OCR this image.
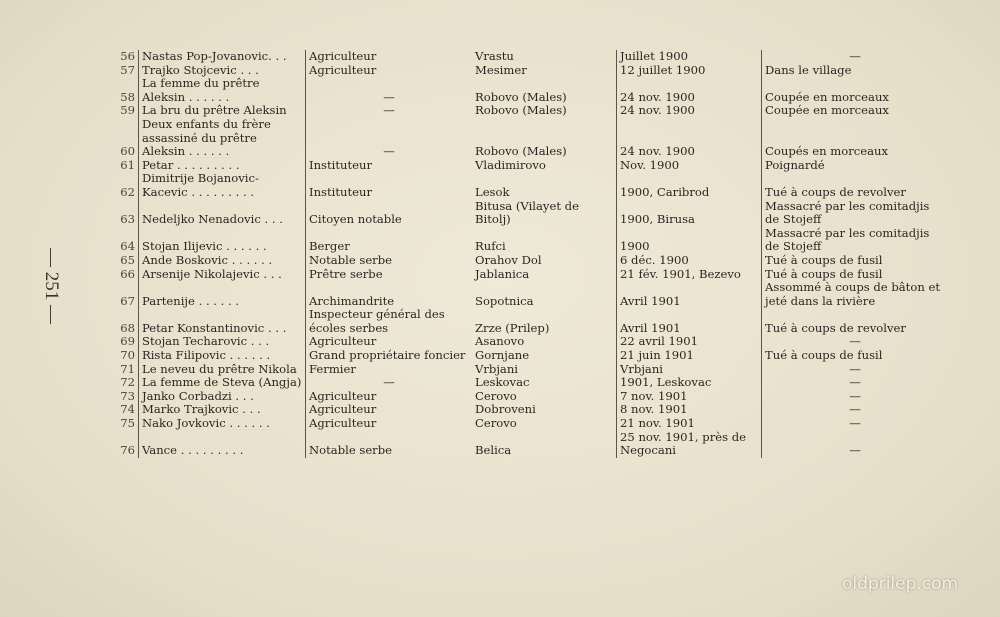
— 251 —
56	Nastas Pop-Jovanovic. . .	Agriculteur	Vrastu	Juillet 1900	—
57	Trajko Stojcevic . . .	Agriculteur	Mesimer	12 juillet 1900	Dans le village
58	La femme du prêtre Aleksin . . . . . .	—	Robovo (Males)	24 nov. 1900	Coupée en morceaux
59	La bru du prêtre Aleksin	—	Robovo (Males)	24 nov. 1900	Coupée en morceaux
60	Deux enfants du frère assassiné du prêtre Aleksin . . . . . .	—	Robovo (Males)	24 nov. 1900	Coupés en morceaux
61	Petar . . . . . . . . .	Instituteur	Vladimirovo	Nov. 1900	Poignardé
62	Dimitrije Bojanovic-Kacevic . . . . . . . . .	Instituteur	Lesok	1900, Caribrod	Tué à coups de revolver
63	Nedeljko Nenadovic . . .	Citoyen notable	Bitusa (Vilayet de Bitolj)	1900, Birusa	Massacré par les comitadjis de Stojeff
64	Stojan Ilijevic . . . . . .	Berger	Rufci	1900	Massacré par les comitadjis de Stojeff
65	Ande Boskovic . . . . . .	Notable serbe	Orahov Dol	6 déc. 1900	Tué à coups de fusil
66	Arsenije Nikolajevic . . .	Prêtre serbe	Jablanica	21 fév. 1901, Bezevo	Tué à coups de fusil
67	Partenije . . . . . .	Archimandrite	Sopotnica	Avril 1901	Assommé à coups de bâton et jeté dans la rivière
68	Petar Konstantinovic . . .	Inspecteur général des écoles serbes	Zrze (Prilep)	Avril 1901	Tué à coups de revolver
69	Stojan Techarovic . . .	Agriculteur	Asanovo	22 avril 1901	—
70	Rista Filipovic . . . . . .	Grand propriétaire foncier	Gornjane	21 juin 1901	Tué à coups de fusil
71	Le neveu du prêtre Nikola	Fermier	Vrbjani	Vrbjani	—
72	La femme de Steva (Angja)	—	Leskovac	1901, Leskovac	—
73	Janko Corbadzi . . .	Agriculteur	Cerovo	7 nov. 1901	—
74	Marko Trajkovic . . .	Agriculteur	Dobroveni	8 nov. 1901	—
75	Nako Jovkovic . . . . . .	Agriculteur	Cerovo	21 nov. 1901	—
76	Vance . . . . . . . . .	Notable serbe	Belica	25 nov. 1901, près de Negocani	—
oldprilep.com
